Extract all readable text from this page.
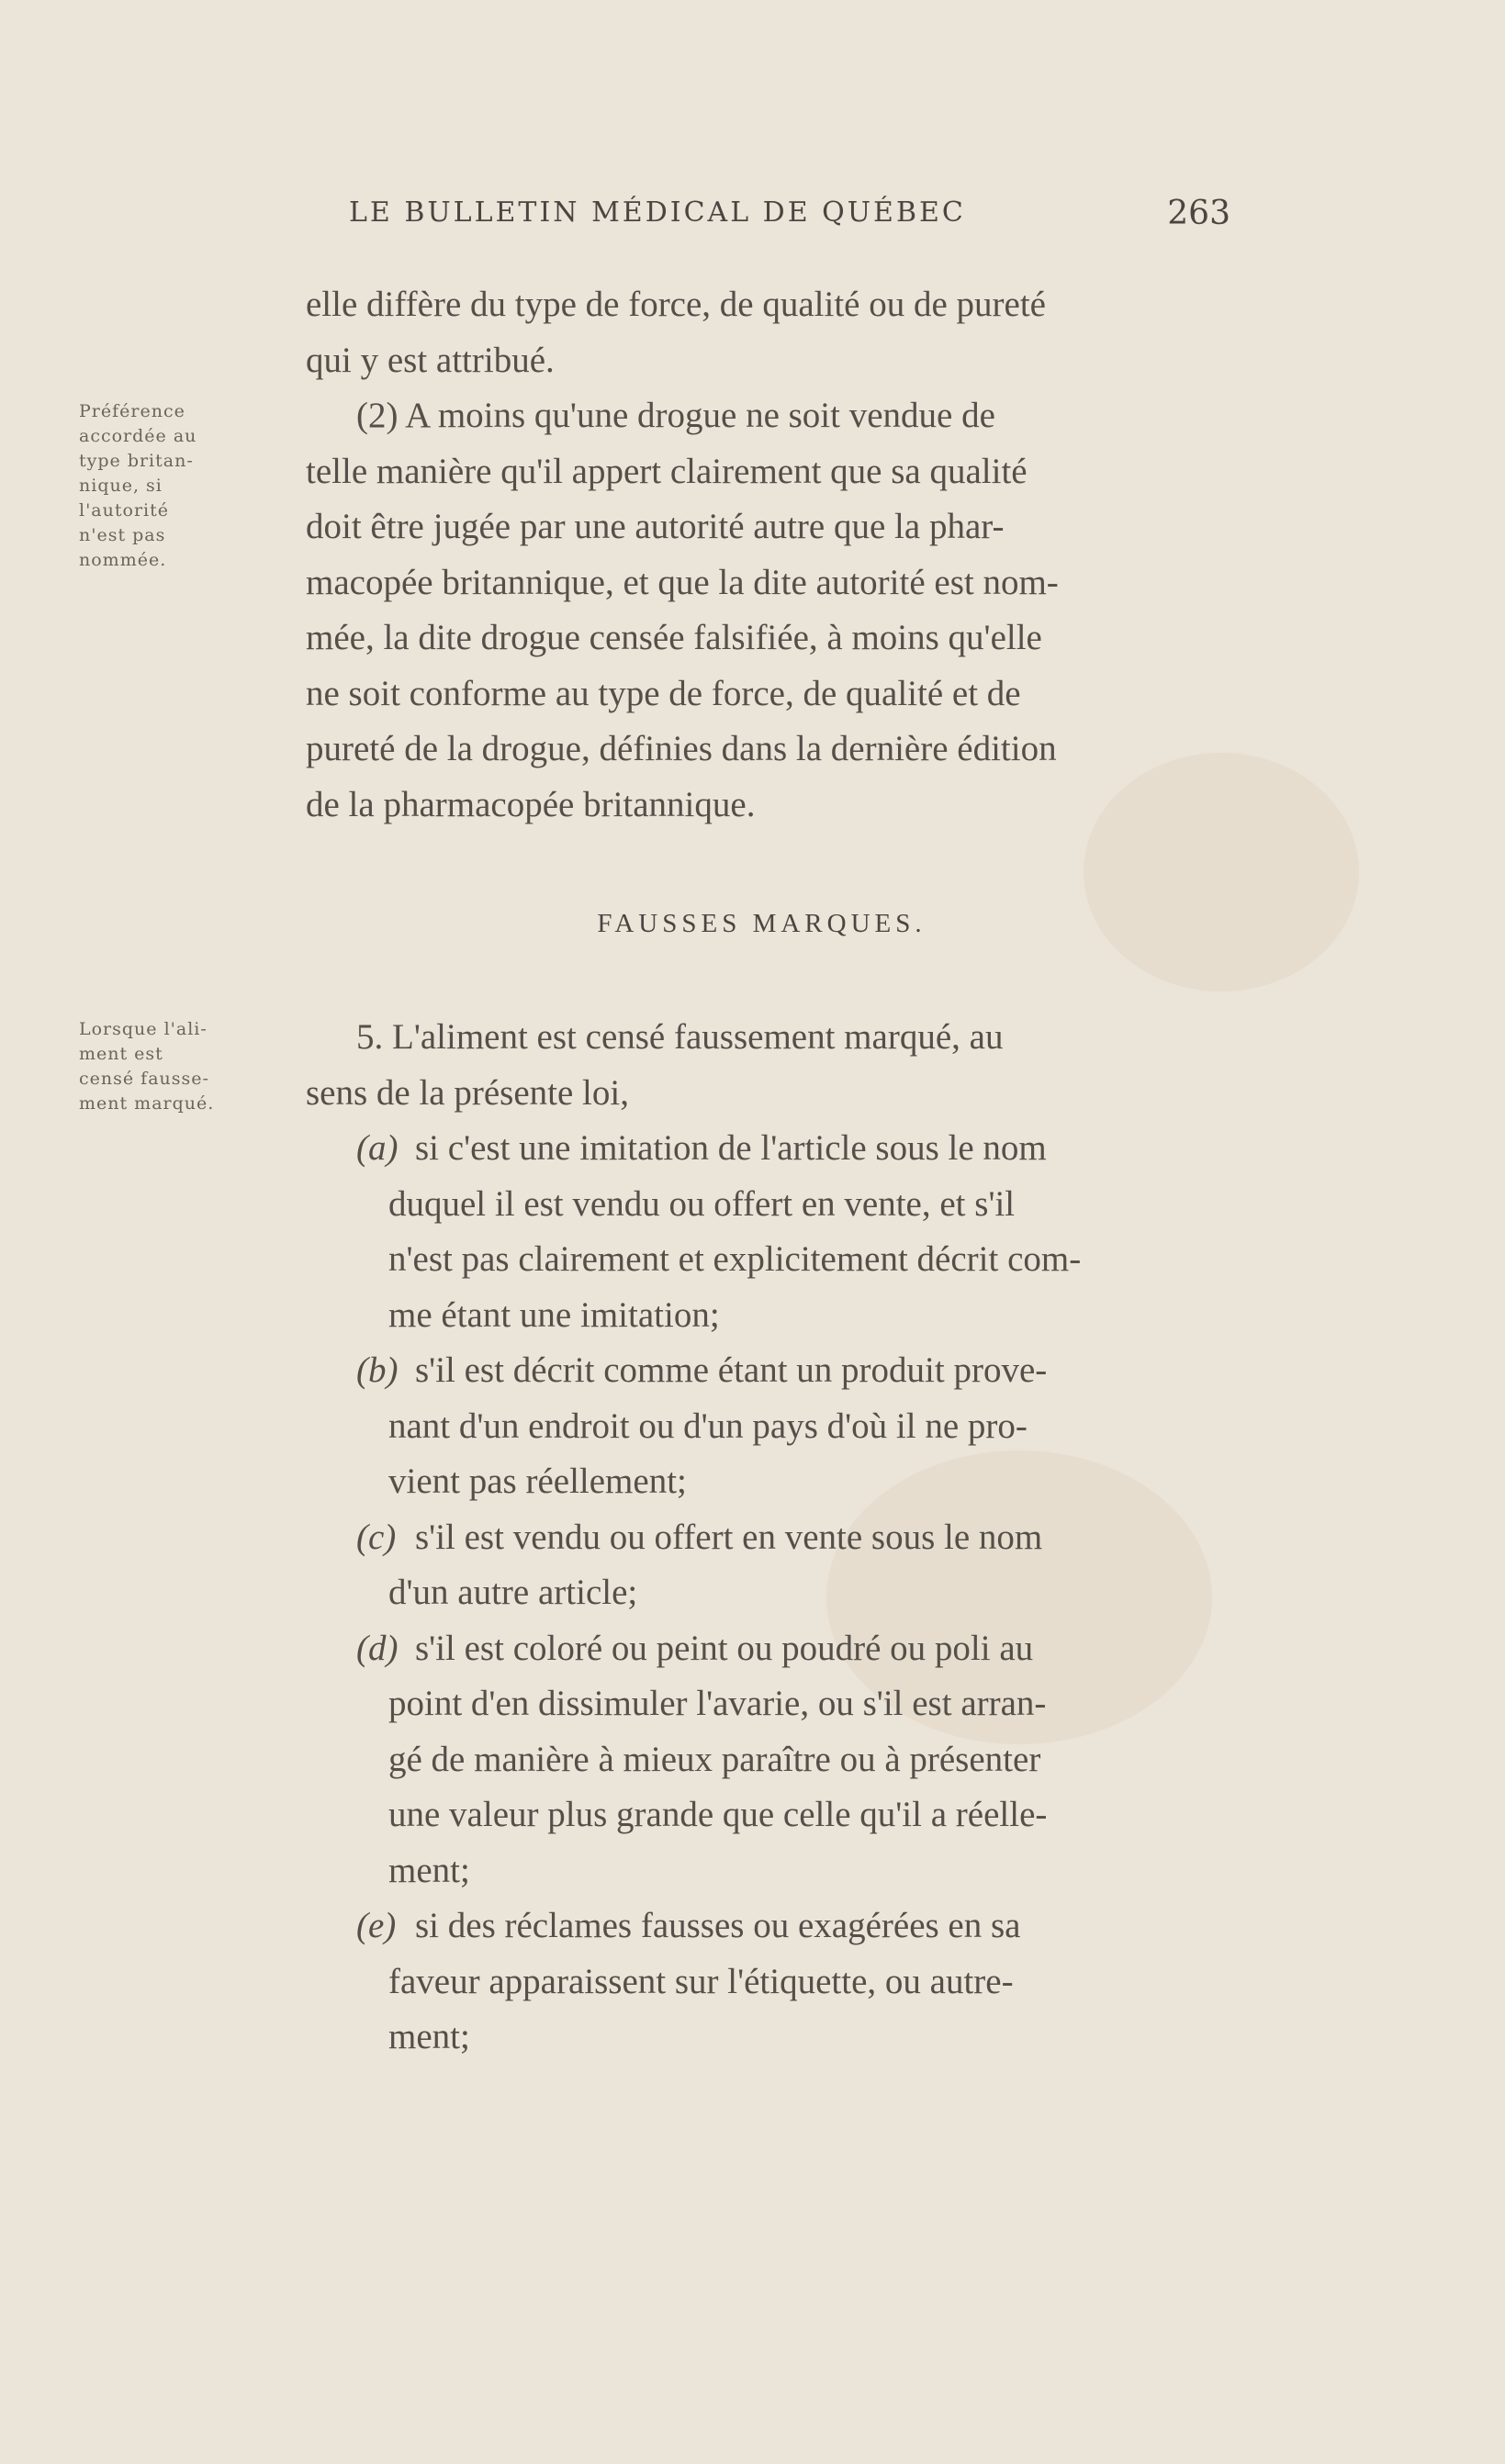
LE BULLETIN MÉDICAL DE QUÉBEC	263
Préférence
accordée au
type britan-
nique, si
l'autorité
n'est pas
nommée.
Lorsque l'ali-
ment est
censé fausse-
ment marqué.
elle diffère du type de force, de qualité ou de pureté
qui y est attribué.
(2) A moins qu'une drogue ne soit vendue de
telle manière qu'il appert clairement que sa qualité
doit être jugée par une autorité autre que la phar-
macopée britannique, et que la dite autorité est nom-
mée, la dite drogue censée falsifiée, à moins qu'elle
ne soit conforme au type de force, de qualité et de
pureté de la drogue, définies dans la dernière édition
de la pharmacopée britannique.
FAUSSES MARQUES.
5. L'aliment est censé faussement marqué, au
sens de la présente loi,
(a) si c'est une imitation de l'article sous le nom
duquel il est vendu ou offert en vente, et s'il
n'est pas clairement et explicitement décrit com-
me étant une imitation;
(b) s'il est décrit comme étant un produit prove-
nant d'un endroit ou d'un pays d'où il ne pro-
vient pas réellement;
(c) s'il est vendu ou offert en vente sous le nom
d'un autre article;
(d) s'il est coloré ou peint ou poudré ou poli au
point d'en dissimuler l'avarie, ou s'il est arran-
gé de manière à mieux paraître ou à présenter
une valeur plus grande que celle qu'il a réelle-
ment;
(e) si des réclames fausses ou exagérées en sa
faveur apparaissent sur l'étiquette, ou autre-
ment;
